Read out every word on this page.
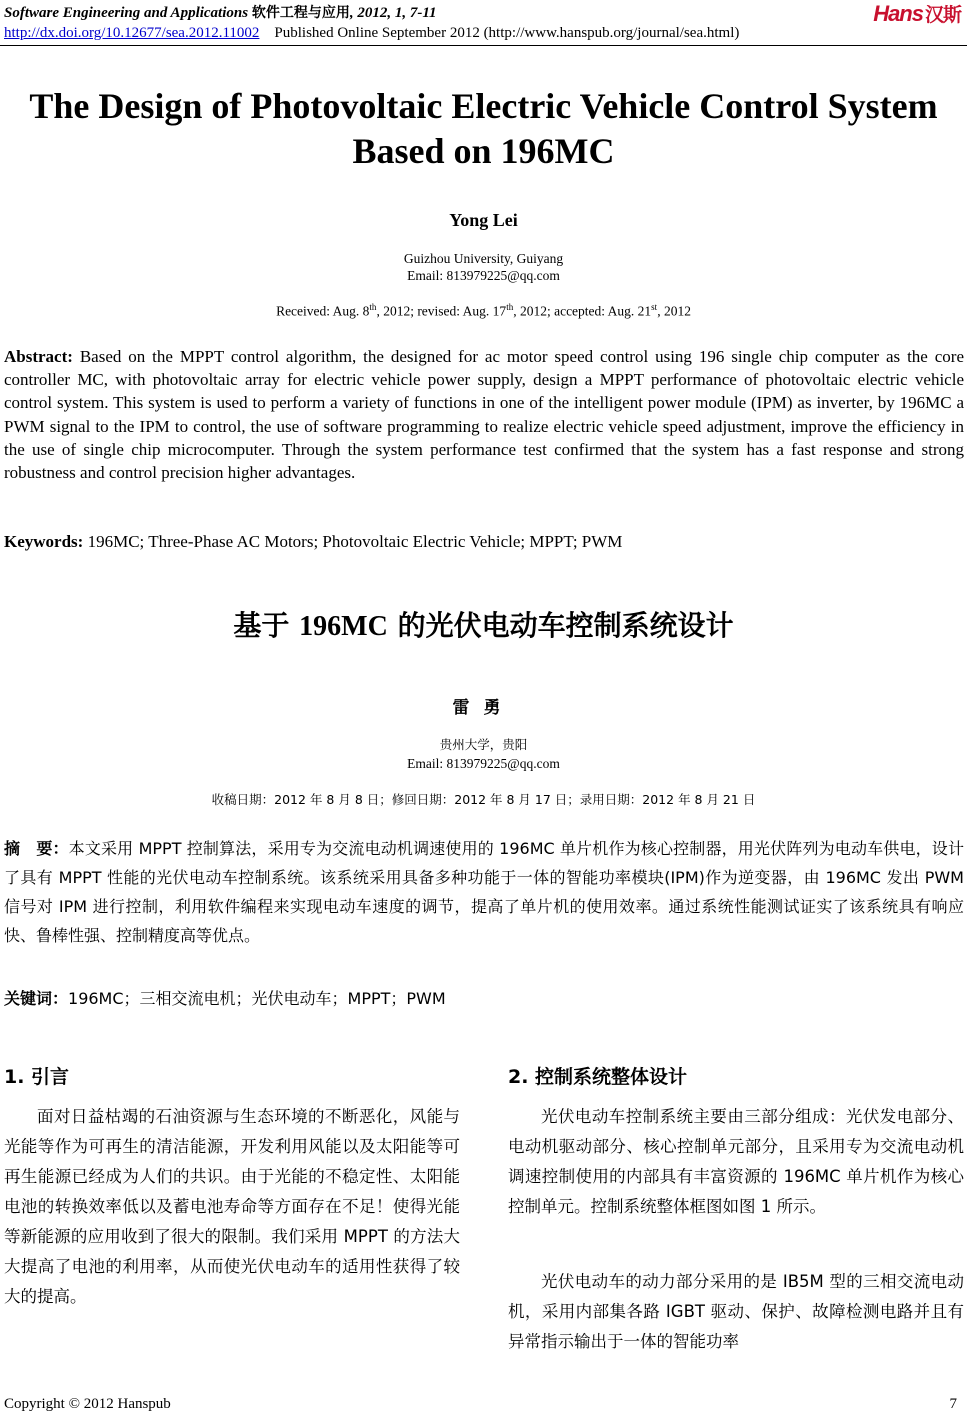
Software Engineering and Applications 软件工程与应用, 2012, 1, 7-11	Hans 汉斯
http://dx.doi.org/10.12677/sea.2012.11002 Published Online September 2012 (http://www.hanspub.org/journal/sea.html)
The Design of Photovoltaic Electric Vehicle Control System
Based on 196MC
Yong Lei
Guizhou University, Guiyang
Email: 813979225@qq.com
Received: Aug. 8th, 2012; revised: Aug. 17th, 2012; accepted: Aug. 21st, 2012
Abstract: Based on the MPPT control algorithm, the designed for ac motor speed control using 196 single chip computer as the core controller MC, with photovoltaic array for electric vehicle power supply, design a MPPT performance of photovoltaic electric vehicle control system. This system is used to perform a variety of functions in one of the intelligent power module (IPM) as inverter, by 196MC a PWM signal to the IPM to control, the use of software programming to realize electric vehicle speed adjustment, improve the efficiency in the use of single chip microcomputer. Through the system performance test confirmed that the system has a fast response and strong robustness and control precision higher advantages.
Keywords: 196MC; Three-Phase AC Motors; Photovoltaic Electric Vehicle; MPPT; PWM
基于 196MC 的光伏电动车控制系统设计
雷勇
贵州大学，贵阳
Email: 813979225@qq.com
收稿日期：2012 年 8 月 8 日；修回日期：2012 年 8 月 17 日；录用日期：2012 年 8 月 21 日
摘　要：本文采用 MPPT 控制算法，采用专为交流电动机调速使用的 196MC 单片机作为核心控制器，用光伏阵列为电动车供电，设计了具有 MPPT 性能的光伏电动车控制系统。该系统采用具备多种功能于一体的智能功率模块(IPM)作为逆变器，由 196MC 发出 PWM 信号对 IPM 进行控制，利用软件编程来实现电动车速度的调节，提高了单片机的使用效率。通过系统性能测试证实了该系统具有响应快、鲁棒性强、控制精度高等优点。
关键词：196MC；三相交流电机；光伏电动车；MPPT；PWM
1. 引言
面对日益枯竭的石油资源与生态环境的不断恶化，风能与光能等作为可再生的清洁能源，开发利用风能以及太阳能等可再生能源已经成为人们的共识。由于光能的不稳定性、太阳能电池的转换效率低以及蓄电池寿命等方面存在不足！使得光能等新能源的应用收到了很大的限制。我们采用 MPPT 的方法大大提高了电池的利用率，从而使光伏电动车的适用性获得了较大的提高。
2. 控制系统整体设计
光伏电动车控制系统主要由三部分组成：光伏发电部分、电动机驱动部分、核心控制单元部分，且采用专为交流电动机调速控制使用的内部具有丰富资源的 196MC 单片机作为核心控制单元。控制系统整体框图如图 1 所示。
光伏电动车的动力部分采用的是 IB5M 型的三相交流电动机，采用内部集各路 IGBT 驱动、保护、故障检测电路并且有异常指示输出于一体的智能功率
Copyright © 2012 Hanspub	7
